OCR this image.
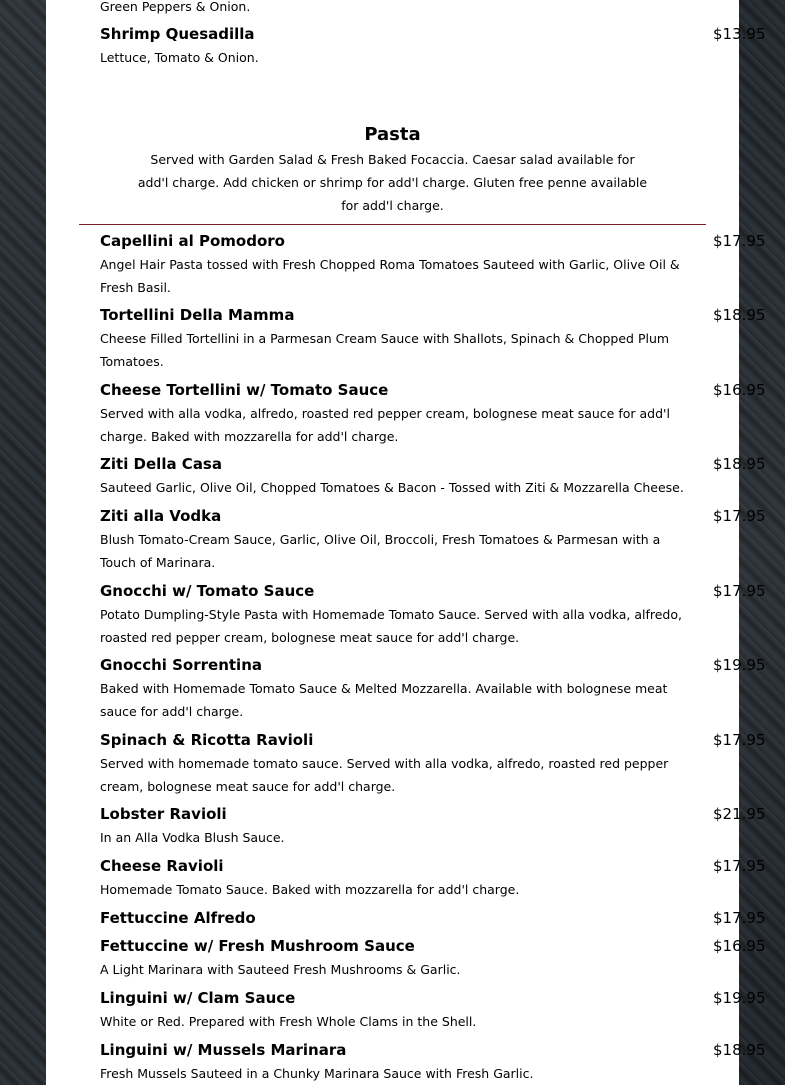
Green Peppers & Onion.
Shrimp Quesadilla	$13.95
Lettuce, Tomato & Onion.
Pasta
Served with Garden Salad & Fresh Baked Focaccia. Caesar salad available for
add'l charge. Add chicken or shrimp for add'l charge. Gluten free penne available
for add'l charge.
Capellini al Pomodoro	$17.95
Angel Hair Pasta tossed with Fresh Chopped Roma Tomatoes Sauteed with Garlic, Olive Oil &
Fresh Basil.
Tortellini Della Mamma	$18.95
Cheese Filled Tortellini in a Parmesan Cream Sauce with Shallots, Spinach & Chopped Plum
Tomatoes.
Cheese Tortellini w/ Tomato Sauce	$16.95
Served with alla vodka, alfredo, roasted red pepper cream, bolognese meat sauce for add'l
charge. Baked with mozzarella for add'l charge.
Ziti Della Casa	$18.95
Sauteed Garlic, Olive Oil, Chopped Tomatoes & Bacon - Tossed with Ziti & Mozzarella Cheese.
Ziti alla Vodka	$17.95
Blush Tomato-Cream Sauce, Garlic, Olive Oil, Broccoli, Fresh Tomatoes & Parmesan with a
Touch of Marinara.
Gnocchi w/ Tomato Sauce	$17.95
Potato Dumpling-Style Pasta with Homemade Tomato Sauce. Served with alla vodka, alfredo,
roasted red pepper cream, bolognese meat sauce for add'l charge.
Gnocchi Sorrentina	$19.95
Baked with Homemade Tomato Sauce & Melted Mozzarella. Available with bolognese meat
sauce for add'l charge.
Spinach & Ricotta Ravioli	$17.95
Served with homemade tomato sauce. Served with alla vodka, alfredo, roasted red pepper
cream, bolognese meat sauce for add'l charge.
Lobster Ravioli	$21.95
In an Alla Vodka Blush Sauce.
Cheese Ravioli	$17.95
Homemade Tomato Sauce. Baked with mozzarella for add'l charge.
Fettuccine Alfredo	$17.95
Fettuccine w/ Fresh Mushroom Sauce	$16.95
A Light Marinara with Sauteed Fresh Mushrooms & Garlic.
Linguini w/ Clam Sauce	$19.95
White or Red. Prepared with Fresh Whole Clams in the Shell.
Linguini w/ Mussels Marinara	$18.95
Fresh Mussels Sauteed in a Chunky Marinara Sauce with Fresh Garlic.
